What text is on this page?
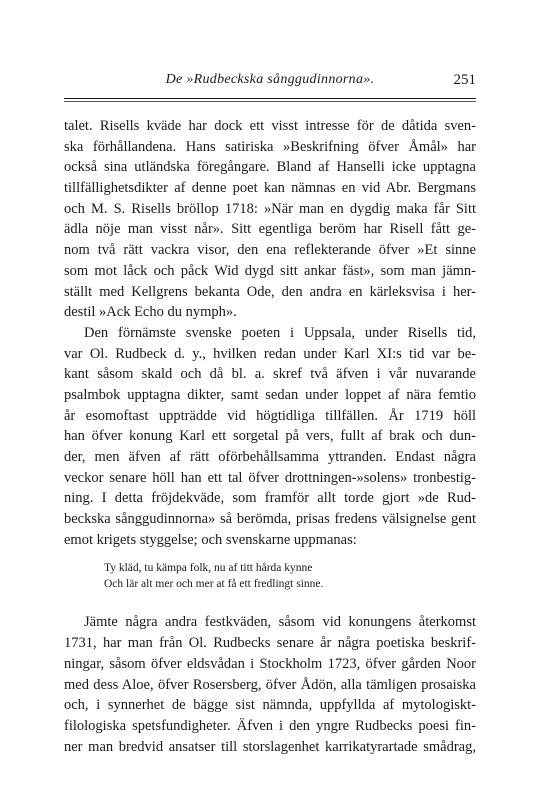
De »Rudbeckska sånggudinnorna».	251
talet. Risells kväde har dock ett visst intresse för de dåtida sven-
ska förhållandena. Hans satiriska »Beskrifning öfver Åmål» har
också sina utländska föregångare. Bland af Hanselli icke upptagna
tillfällighetsdikter af denne poet kan nämnas en vid Abr. Bergmans
och M. S. Risells bröllop 1718: »När man en dygdig maka får Sitt
ädla nöje man visst når». Sitt egentliga beröm har Risell fått ge-
nom två rätt vackra visor, den ena reflekterande öfver »Et sinne
som mot låck och påck Wid dygd sitt ankar fäst», som man jämn-
ställt med Kellgrens bekanta Ode, den andra en kärleksvisa i her-
destil »Ack Echo du nymph».
Den förnämste svenske poeten i Uppsala, under Risells tid,
var Ol. Rudbeck d. y., hvilken redan under Karl XI:s tid var be-
kant såsom skald och då bl. a. skref två äfven i vår nuvarande
psalmbok upptagna dikter, samt sedan under loppet af nära femtio
år esomoftast uppträdde vid högtidliga tillfällen. År 1719 höll
han öfver konung Karl ett sorgetal på vers, fullt af brak och dun-
der, men äfven af rätt oförbehållsamma yttranden. Endast några
veckor senare höll han ett tal öfver drottningen-»solens» tronbestig-
ning. I detta fröjdekväde, som framför allt torde gjort »de Rud-
beckska sånggudinnorna» så berömda, prisas fredens välsignelse gent
emot krigets styggelse; och svenskarne uppmanas:
Ty kläd, tu kämpa folk, nu af titt hårda kynne
Och lär alt mer och mer at få ett fredlingt sinne.
Jämte några andra festkväden, såsom vid konungens återkomst
1731, har man från Ol. Rudbecks senare år några poetiska beskrif-
ningar, såsom öfver eldsvådan i Stockholm 1723, öfver gården Noor
med dess Aloe, öfver Rosersberg, öfver Ådön, alla tämligen prosaiska
och, i synnerhet de bägge sist nämnda, uppfyllda af mytologiskt-
filologiska spetsfundigheter. Äfven i den yngre Rudbecks poesi fin-
ner man bredvid ansatser till storslagenhet karrikatyrartade smådrag,
